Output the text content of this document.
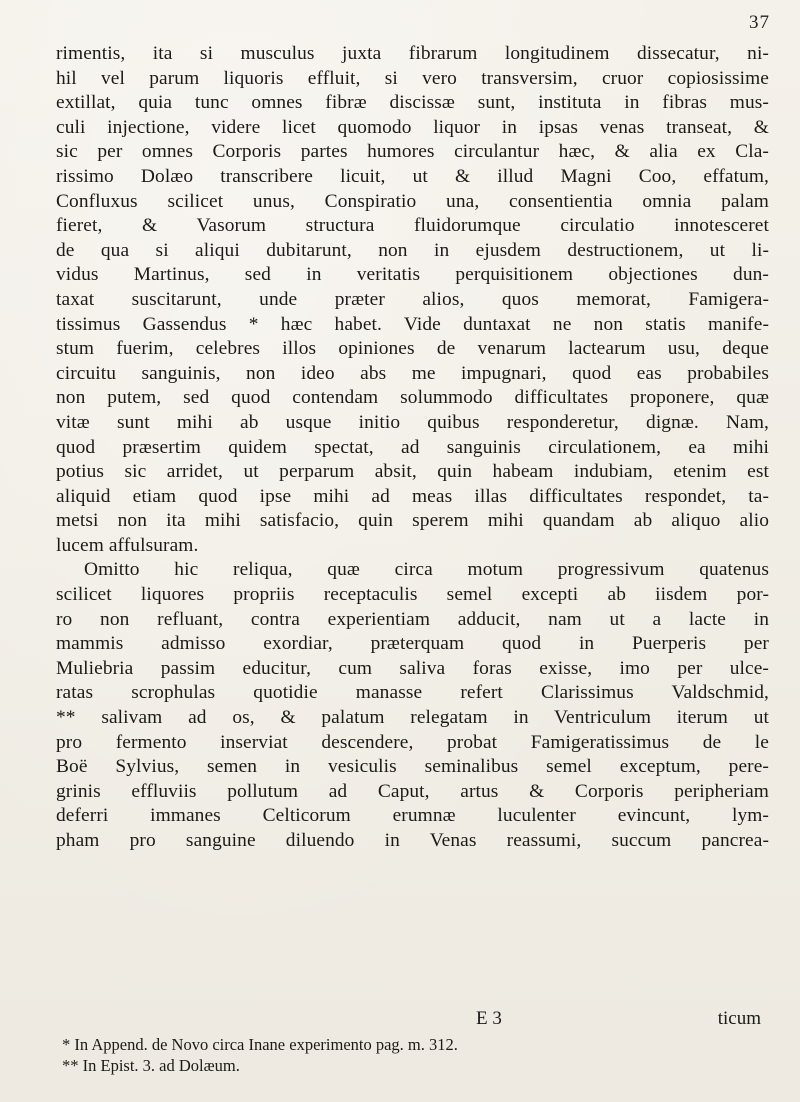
37
rimentis, ita si musculus juxta fibrarum longitudinem dissecatur, ni-
hil vel parum liquoris effluit, si vero transversim, cruor copiosissime
extillat, quia tunc omnes fibræ discissæ sunt, instituta in fibras mus-
culi injectione, videre licet quomodo liquor in ipsas venas transeat, &
sic per omnes Corporis partes humores circulantur hæc, & alia ex Cla-
rissimo Dolæo transcribere licuit, ut & illud Magni Coo, effatum,
Confluxus scilicet unus, Conspiratio una, consentientia omnia palam
fieret, & Vasorum structura fluidorumque circulatio innotesceret
de qua si aliqui dubitarunt, non in ejusdem destructionem, ut li-
vidus Martinus, sed in veritatis perquisitionem objectiones dun-
taxat suscitarunt, unde præter alios, quos memorat, Famigera-
tissimus Gassendus * hæc habet. Vide duntaxat ne non statis manife-
stum fuerim, celebres illos opiniones de venarum lactearum usu, deque
circuitu sanguinis, non ideo abs me impugnari, quod eas probabiles
non putem, sed quod contendam solummodo difficultates proponere, quæ
vitæ sunt mihi ab usque initio quibus responderetur, dignæ. Nam,
quod præsertim quidem spectat, ad sanguinis circulationem, ea mihi
potius sic arridet, ut perparum absit, quin habeam indubiam, etenim est
aliquid etiam quod ipse mihi ad meas illas difficultates respondet, ta-
metsi non ita mihi satisfacio, quin sperem mihi quandam ab aliquo alio
lucem affulsuram.
Omitto hic reliqua, quæ circa motum progressivum quatenus
scilicet liquores propriis receptaculis semel excepti ab iisdem por-
ro non refluant, contra experientiam adducit, nam ut a lacte in
mammis admisso exordiar, præterquam quod in Puerperis per
Muliebria passim educitur, cum saliva foras exisse, imo per ulce-
ratas scrophulas quotidie manasse refert Clarissimus Valdschmid,
** salivam ad os, & palatum relegatam in Ventriculum iterum ut
pro fermento inserviat descendere, probat Famigeratissimus de le
Boë Sylvius, semen in vesiculis seminalibus semel exceptum, pere-
grinis effluviis pollutum ad Caput, artus & Corporis peripheriam
deferri immanes Celticorum erumnæ luculenter evincunt, lym-
pham pro sanguine diluendo in Venas reassumi, succum pancrea-
E 3	ticum
* In Append. de Novo circa Inane experimento pag. m. 312.
** In Epist. 3. ad Dolæum.
